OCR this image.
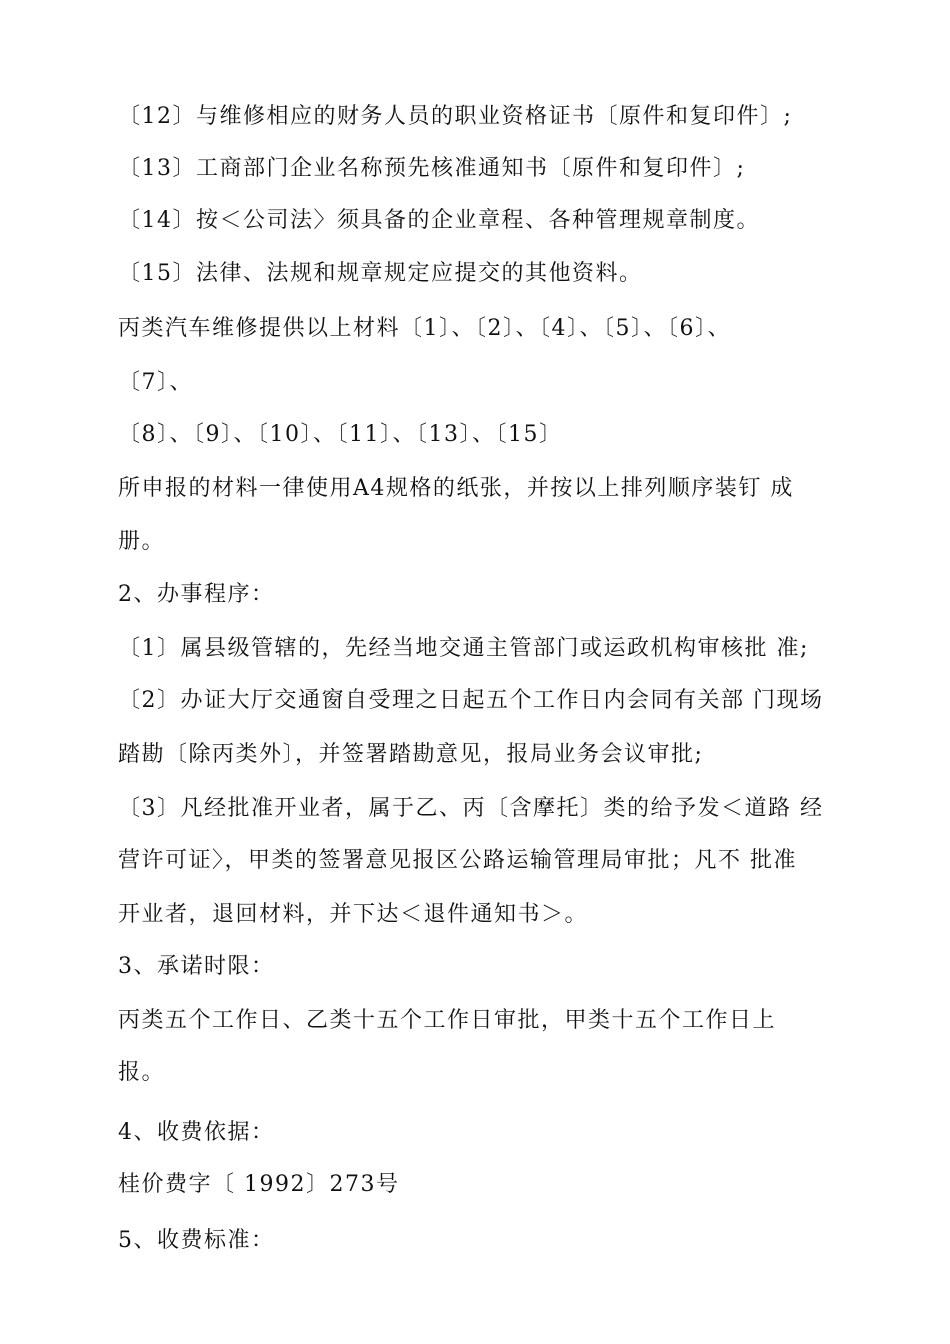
〔12〕与维修相应的财务人员的职业资格证书〔原件和复印件〕;
〔13〕工商部门企业名称预先核准通知书〔原件和复印件〕;
〔14〕按＜公司法〉须具备的企业章程、各种管理规章制度。
〔15〕法律、法规和规章规定应提交的其他资料。
丙类汽车维修提供以上材料〔1〕、〔2〕、〔4〕、〔5〕、〔6〕、
〔7〕、
〔8〕、〔9〕、〔10〕、〔11〕、〔13〕、〔15〕
所申报的材料一律使用A4规格的纸张，并按以上排列顺序装钉 成
册。
2、办事程序：
〔1〕属县级管辖的，先经当地交通主管部门或运政机构审核批 准;
〔2〕办证大厅交通窗自受理之日起五个工作日内会同有关部 门现场
踏勘〔除丙类外〕，并签署踏勘意见，报局业务会议审批;
〔3〕凡经批准开业者，属于乙、丙〔含摩托〕类的给予发＜道路 经
营许可证〉，甲类的签署意见报区公路运输管理局审批；凡不 批准
开业者，退回材料，并下达＜退件通知书＞。
3、承诺时限：
丙类五个工作日、乙类十五个工作日审批，甲类十五个工作日上
报。
4、收费依据：
桂价费字〔 1992〕273号
5、收费标准：
